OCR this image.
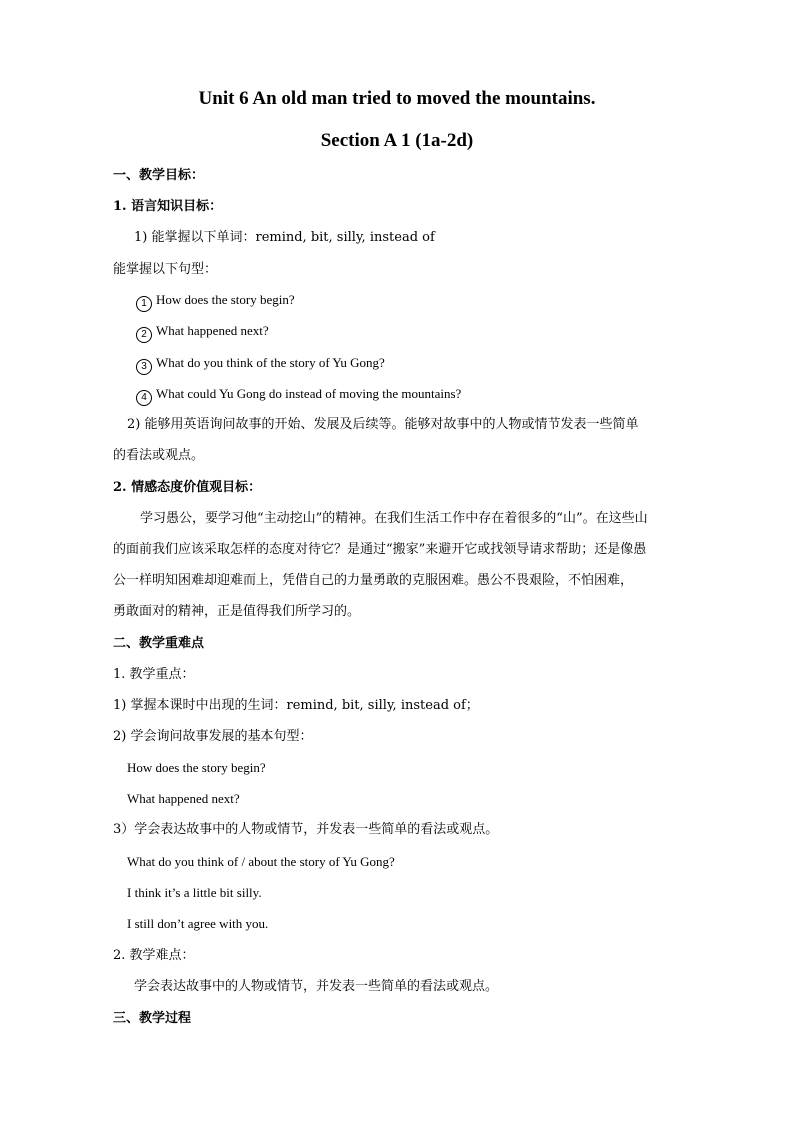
Unit 6 An old man tried to moved the mountains.
Section A 1 (1a-2d)
一、教学目标：
1. 语言知识目标：
1) 能掌握以下单词：remind, bit, silly, instead of
能掌握以下句型：
1 How does the story begin?
2 What happened next?
3 What do you think of the story of Yu Gong?
4 What could Yu Gong do instead of moving the mountains?
2) 能够用英语询问故事的开始、发展及后续等。能够对故事中的人物或情节发表一些简单
的看法或观点。
2. 情感态度价值观目标：
学习愚公，要学习他“主动挖山”的精神。在我们生活工作中存在着很多的“山”。在这些山
的面前我们应该采取怎样的态度对待它？是通过“搬家”来避开它或找领导请求帮助；还是像愚
公一样明知困难却迎难而上，凭借自己的力量勇敢的克服困难。愚公不畏艰险，不怕困难，
勇敢面对的精神，正是值得我们所学习的。
二、教学重难点
1. 教学重点：
1) 掌握本课时中出现的生词：remind, bit, silly, instead of；
2) 学会询问故事发展的基本句型：
How does the story begin?
What happened next?
3）学会表达故事中的人物或情节，并发表一些简单的看法或观点。
What do you think of / about the story of Yu Gong?
I think it’s a little bit silly.
I still don’t agree with you.
2. 教学难点：
学会表达故事中的人物或情节，并发表一些简单的看法或观点。
三、教学过程
